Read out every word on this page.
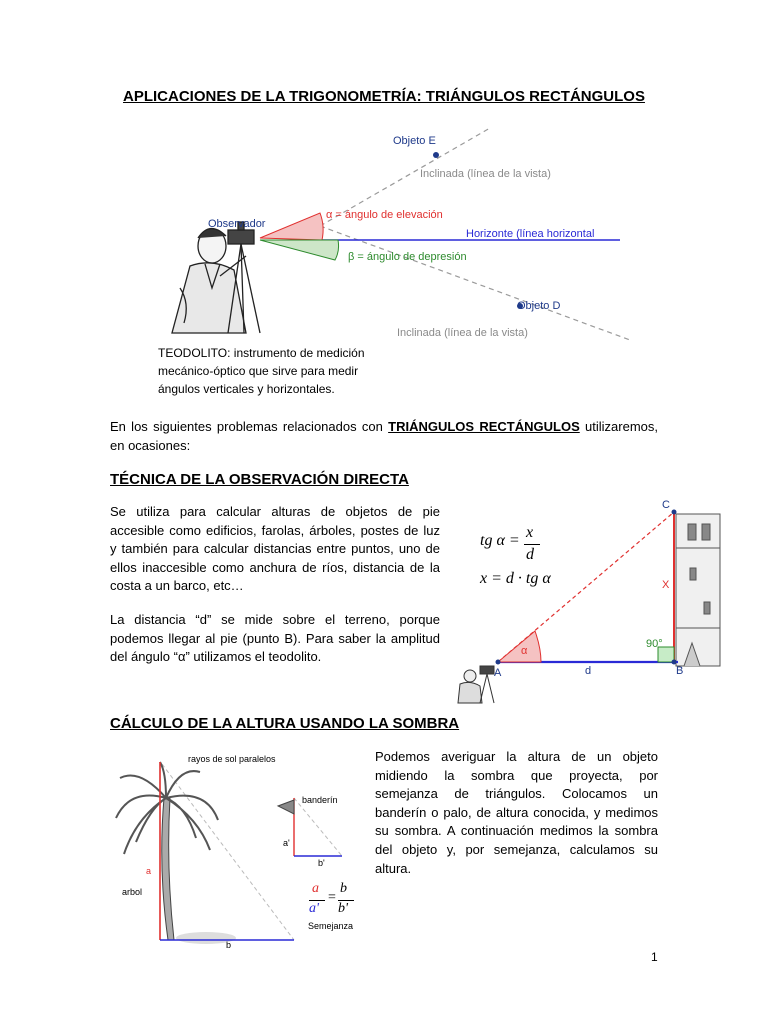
APLICACIONES DE LA TRIGONOMETRÍA: TRIÁNGULOS RECTÁNGULOS
Objeto E
Inclinada (línea de la vista)
Observador
α = ángulo de elevación
Horizonte (línea horizontal
β = ángulo de depresión
Objeto D
Inclinada (línea de la vista)
TEODOLITO: instrumento de medición
mecánico-óptico que sirve para medir
ángulos verticales y horizontales.
En los siguientes problemas relacionados con TRIÁNGULOS RECTÁNGULOS utilizaremos, en ocasiones:
TÉCNICA DE LA OBSERVACIÓN DIRECTA
Se utiliza para calcular alturas de objetos de pie accesible como edificios, farolas, árboles, postes de luz y también para calcular distancias entre puntos, uno de ellos inaccesible como anchura de ríos, distancia de la costa a un barco, etc…
La distancia “d” se mide sobre el terreno, porque podemos llegar al pie (punto B). Para saber la amplitud del ángulo “α” utilizamos el teodolito.
tg α = x
d
x = d · tg α
C
X
90°
α
A	d	B
CÁLCULO DE LA ALTURA USANDO LA SOMBRA
Podemos averiguar la altura de un objeto midiendo la sombra que proyecta, por semejanza de triángulos. Colocamos un banderín o palo, de altura conocida, y medimos su sombra. A continuación medimos la sombra del objeto y, por semejanza, calculamos su altura.
rayos de sol paralelos
banderín
a'
b'
a
arbol
b
a
a'
=
b
b'
Semejanza
1
